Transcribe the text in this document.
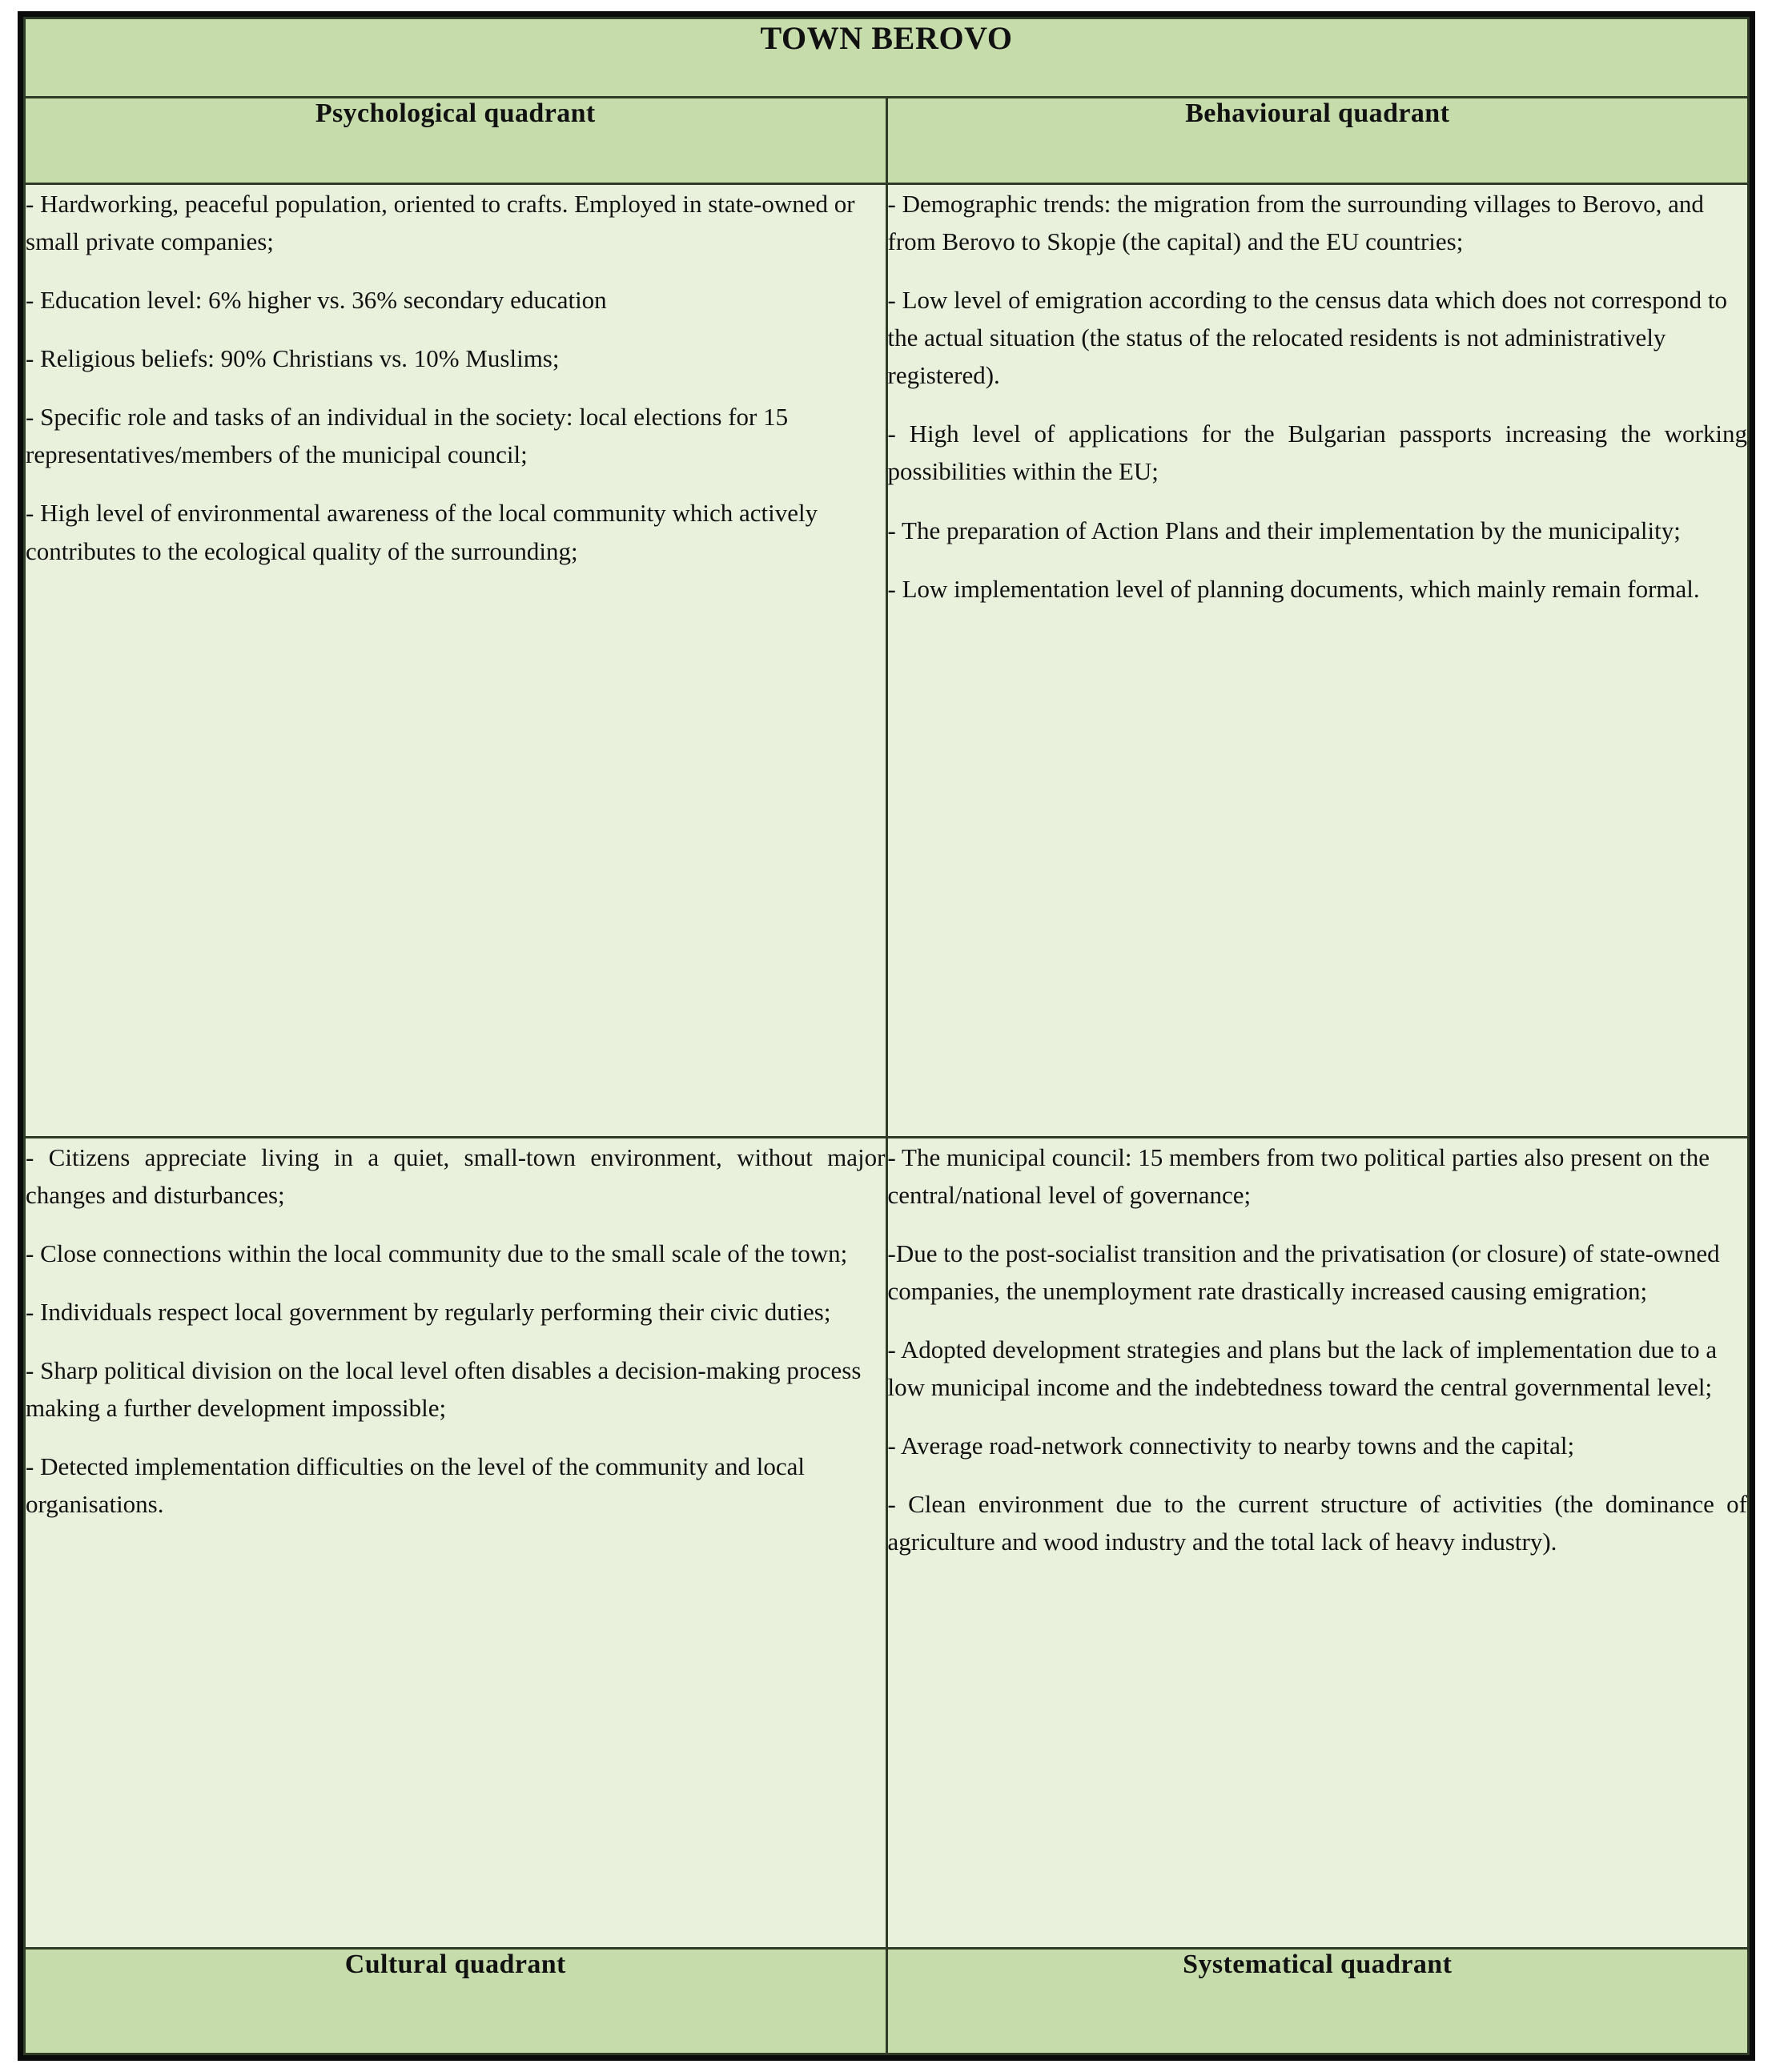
TOWN BEROVO	
Psychological quadrant	Behavioural quadrant

- Hardworking, peaceful population, oriented to crafts. Employed in state-owned or small private companies;
- Education level: 6% higher vs. 36% secondary education
- Religious beliefs: 90% Christians vs. 10% Muslims;
- Specific role and tasks of an individual in the society: local elections for 15 representatives/members of the municipal council;
- High level of environmental awareness of the local community which actively contributes to the ecological quality of the surrounding;

- Demographic trends: the migration from the surrounding villages to Berovo, and from Berovo to Skopje (the capital) and the EU countries;
- Low level of emigration according to the census data which does not correspond to the actual situation (the status of the relocated residents is not administratively registered).
- High level of applications for the Bulgarian passports increasing the working possibilities within the EU;
- The preparation of Action Plans and their implementation by the municipality;
- Low implementation level of planning documents, which mainly remain formal.

- Citizens appreciate living in a quiet, small-town environment, without major changes and disturbances;
- Close connections within the local community due to the small scale of the town;
- Individuals respect local government by regularly performing their civic duties;
- Sharp political division on the local level often disables a decision-making process making a further development impossible;
- Detected implementation difficulties on the level of the community and local organisations.

- The municipal council: 15 members from two political parties also present on the central/national level of governance;
-Due to the post-socialist transition and the privatisation (or closure) of state-owned companies, the unemployment rate drastically increased causing emigration;
- Adopted development strategies and plans but the lack of implementation due to a low municipal income and the indebtedness toward the central governmental level;
- Average road-network connectivity to nearby towns and the capital;
- Clean environment due to the current structure of activities (the dominance of agriculture and wood industry and the total lack of heavy industry).

Cultural quadrant	Systematical quadrant
